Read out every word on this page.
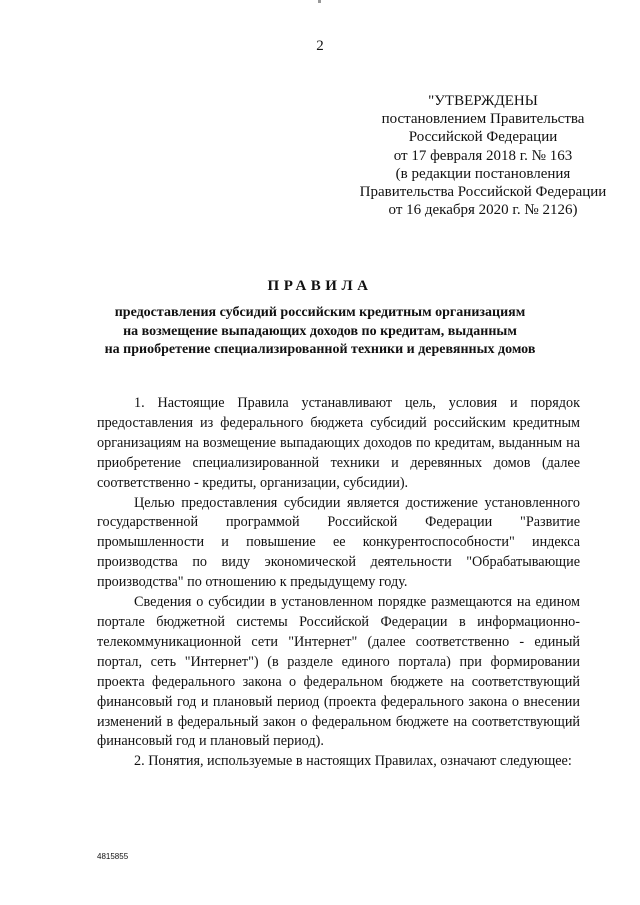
2
"УТВЕРЖДЕНЫ
постановлением Правительства
Российской Федерации
от 17 февраля 2018 г. № 163
(в редакции постановления
Правительства Российской Федерации
от 16 декабря 2020 г. № 2126)
ПРАВИЛА
предоставления субсидий российским кредитным организациям
на возмещение выпадающих доходов по кредитам, выданным
на приобретение специализированной техники и деревянных домов

1. Настоящие Правила устанавливают цель, условия и порядок предоставления из федерального бюджета субсидий российским кредитным организациям на возмещение выпадающих доходов по кредитам, выданным на приобретение специализированной техники и деревянных домов (далее соответственно - кредиты, организации, субсидии).

Целью предоставления субсидии является достижение установленного государственной программой Российской Федерации "Развитие промышленности и повышение ее конкурентоспособности" индекса производства по виду экономической деятельности "Обрабатывающие производства" по отношению к предыдущему году.

Сведения о субсидии в установленном порядке размещаются на едином портале бюджетной системы Российской Федерации в информационно-телекоммуникационной сети "Интернет" (далее соответственно - единый портал, сеть "Интернет") (в разделе единого портала) при формировании проекта федерального закона о федеральном бюджете на соответствующий финансовый год и плановый период (проекта федерального закона о внесении изменений в федеральный закон о федеральном бюджете на соответствующий финансовый год и плановый период).

2. Понятия, используемые в настоящих Правилах, означают следующее:

4815855
